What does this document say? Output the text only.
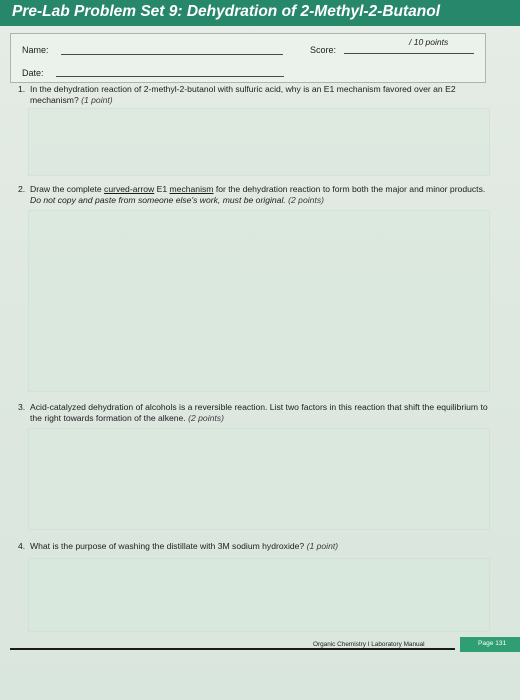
Pre-Lab Problem Set 9: Dehydration of 2-Methyl-2-Butanol
Name:	Score:
/ 10 points
Date:
1. In the dehydration reaction of 2-methyl-2-butanol with sulfuric acid, why is an E1 mechanism favored over an E2 mechanism? (1 point)
2. Draw the complete curved-arrow E1 mechanism for the dehydration reaction to form both the major and minor products. Do not copy and paste from someone else's work, must be original. (2 points)
3. Acid-catalyzed dehydration of alcohols is a reversible reaction. List two factors in this reaction that shift the equilibrium to the right towards formation of the alkene. (2 points)
4. What is the purpose of washing the distillate with 3M sodium hydroxide? (1 point)
Organic Chemistry I Laboratory Manual	Page 131
